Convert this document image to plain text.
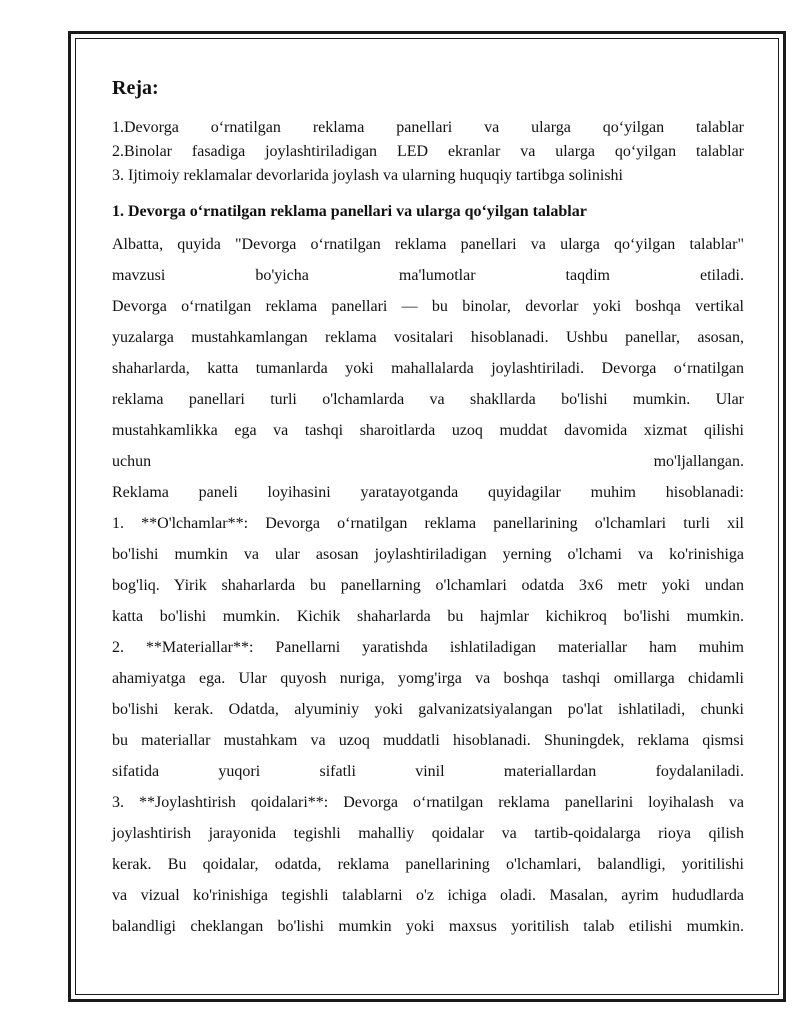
Reja:
1.Devorga o‘rnatilgan reklama panellari va ularga qo‘yilgan talablar
2.Binolar fasadiga joylashtiriladigan LED ekranlar va ularga qo‘yilgan talablar
3. Ijtimoiy reklamalar devorlarida joylash va ularning huquqiy tartibga solinishi
1. Devorga o‘rnatilgan reklama panellari va ularga qo‘yilgan talablar
Albatta, quyida "Devorga o‘rnatilgan reklama panellari va ularga qo‘yilgan talablar"
mavzusi bo'yicha ma'lumotlar taqdim etiladi.
Devorga o‘rnatilgan reklama panellari — bu binolar, devorlar yoki boshqa vertikal
yuzalarga mustahkamlangan reklama vositalari hisoblanadi. Ushbu panellar, asosan,
shaharlarda, katta tumanlarda yoki mahallalarda joylashtiriladi. Devorga o‘rnatilgan
reklama panellari turli o'lchamlarda va shakllarda bo'lishi mumkin. Ular
mustahkamlikka ega va tashqi sharoitlarda uzoq muddat davomida xizmat qilishi
uchun mo'ljallangan.
Reklama paneli loyihasini yaratayotganda quyidagilar muhim hisoblanadi:
1. **O'lchamlar**: Devorga o‘rnatilgan reklama panellarining o'lchamlari turli xil
bo'lishi mumkin va ular asosan joylashtiriladigan yerning o'lchami va ko'rinishiga
bog'liq. Yirik shaharlarda bu panellarning o'lchamlari odatda 3x6 metr yoki undan
katta bo'lishi mumkin. Kichik shaharlarda bu hajmlar kichikroq bo'lishi mumkin.
2. **Materiallar**: Panellarni yaratishda ishlatiladigan materiallar ham muhim
ahamiyatga ega. Ular quyosh nuriga, yomg'irga va boshqa tashqi omillarga chidamli
bo'lishi kerak. Odatda, alyuminiy yoki galvanizatsiyalangan po'lat ishlatiladi, chunki
bu materiallar mustahkam va uzoq muddatli hisoblanadi. Shuningdek, reklama qismsi
sifatida yuqori sifatli vinil materiallardan foydalaniladi.
3. **Joylashtirish qoidalari**: Devorga o‘rnatilgan reklama panellarini loyihalash va
joylashtirish jarayonida tegishli mahalliy qoidalar va tartib-qoidalarga rioya qilish
kerak. Bu qoidalar, odatda, reklama panellarining o'lchamlari, balandligi, yoritilishi
va vizual ko'rinishiga tegishli talablarni o'z ichiga oladi. Masalan, ayrim hududlarda
balandligi cheklangan bo'lishi mumkin yoki maxsus yoritilish talab etilishi mumkin.
